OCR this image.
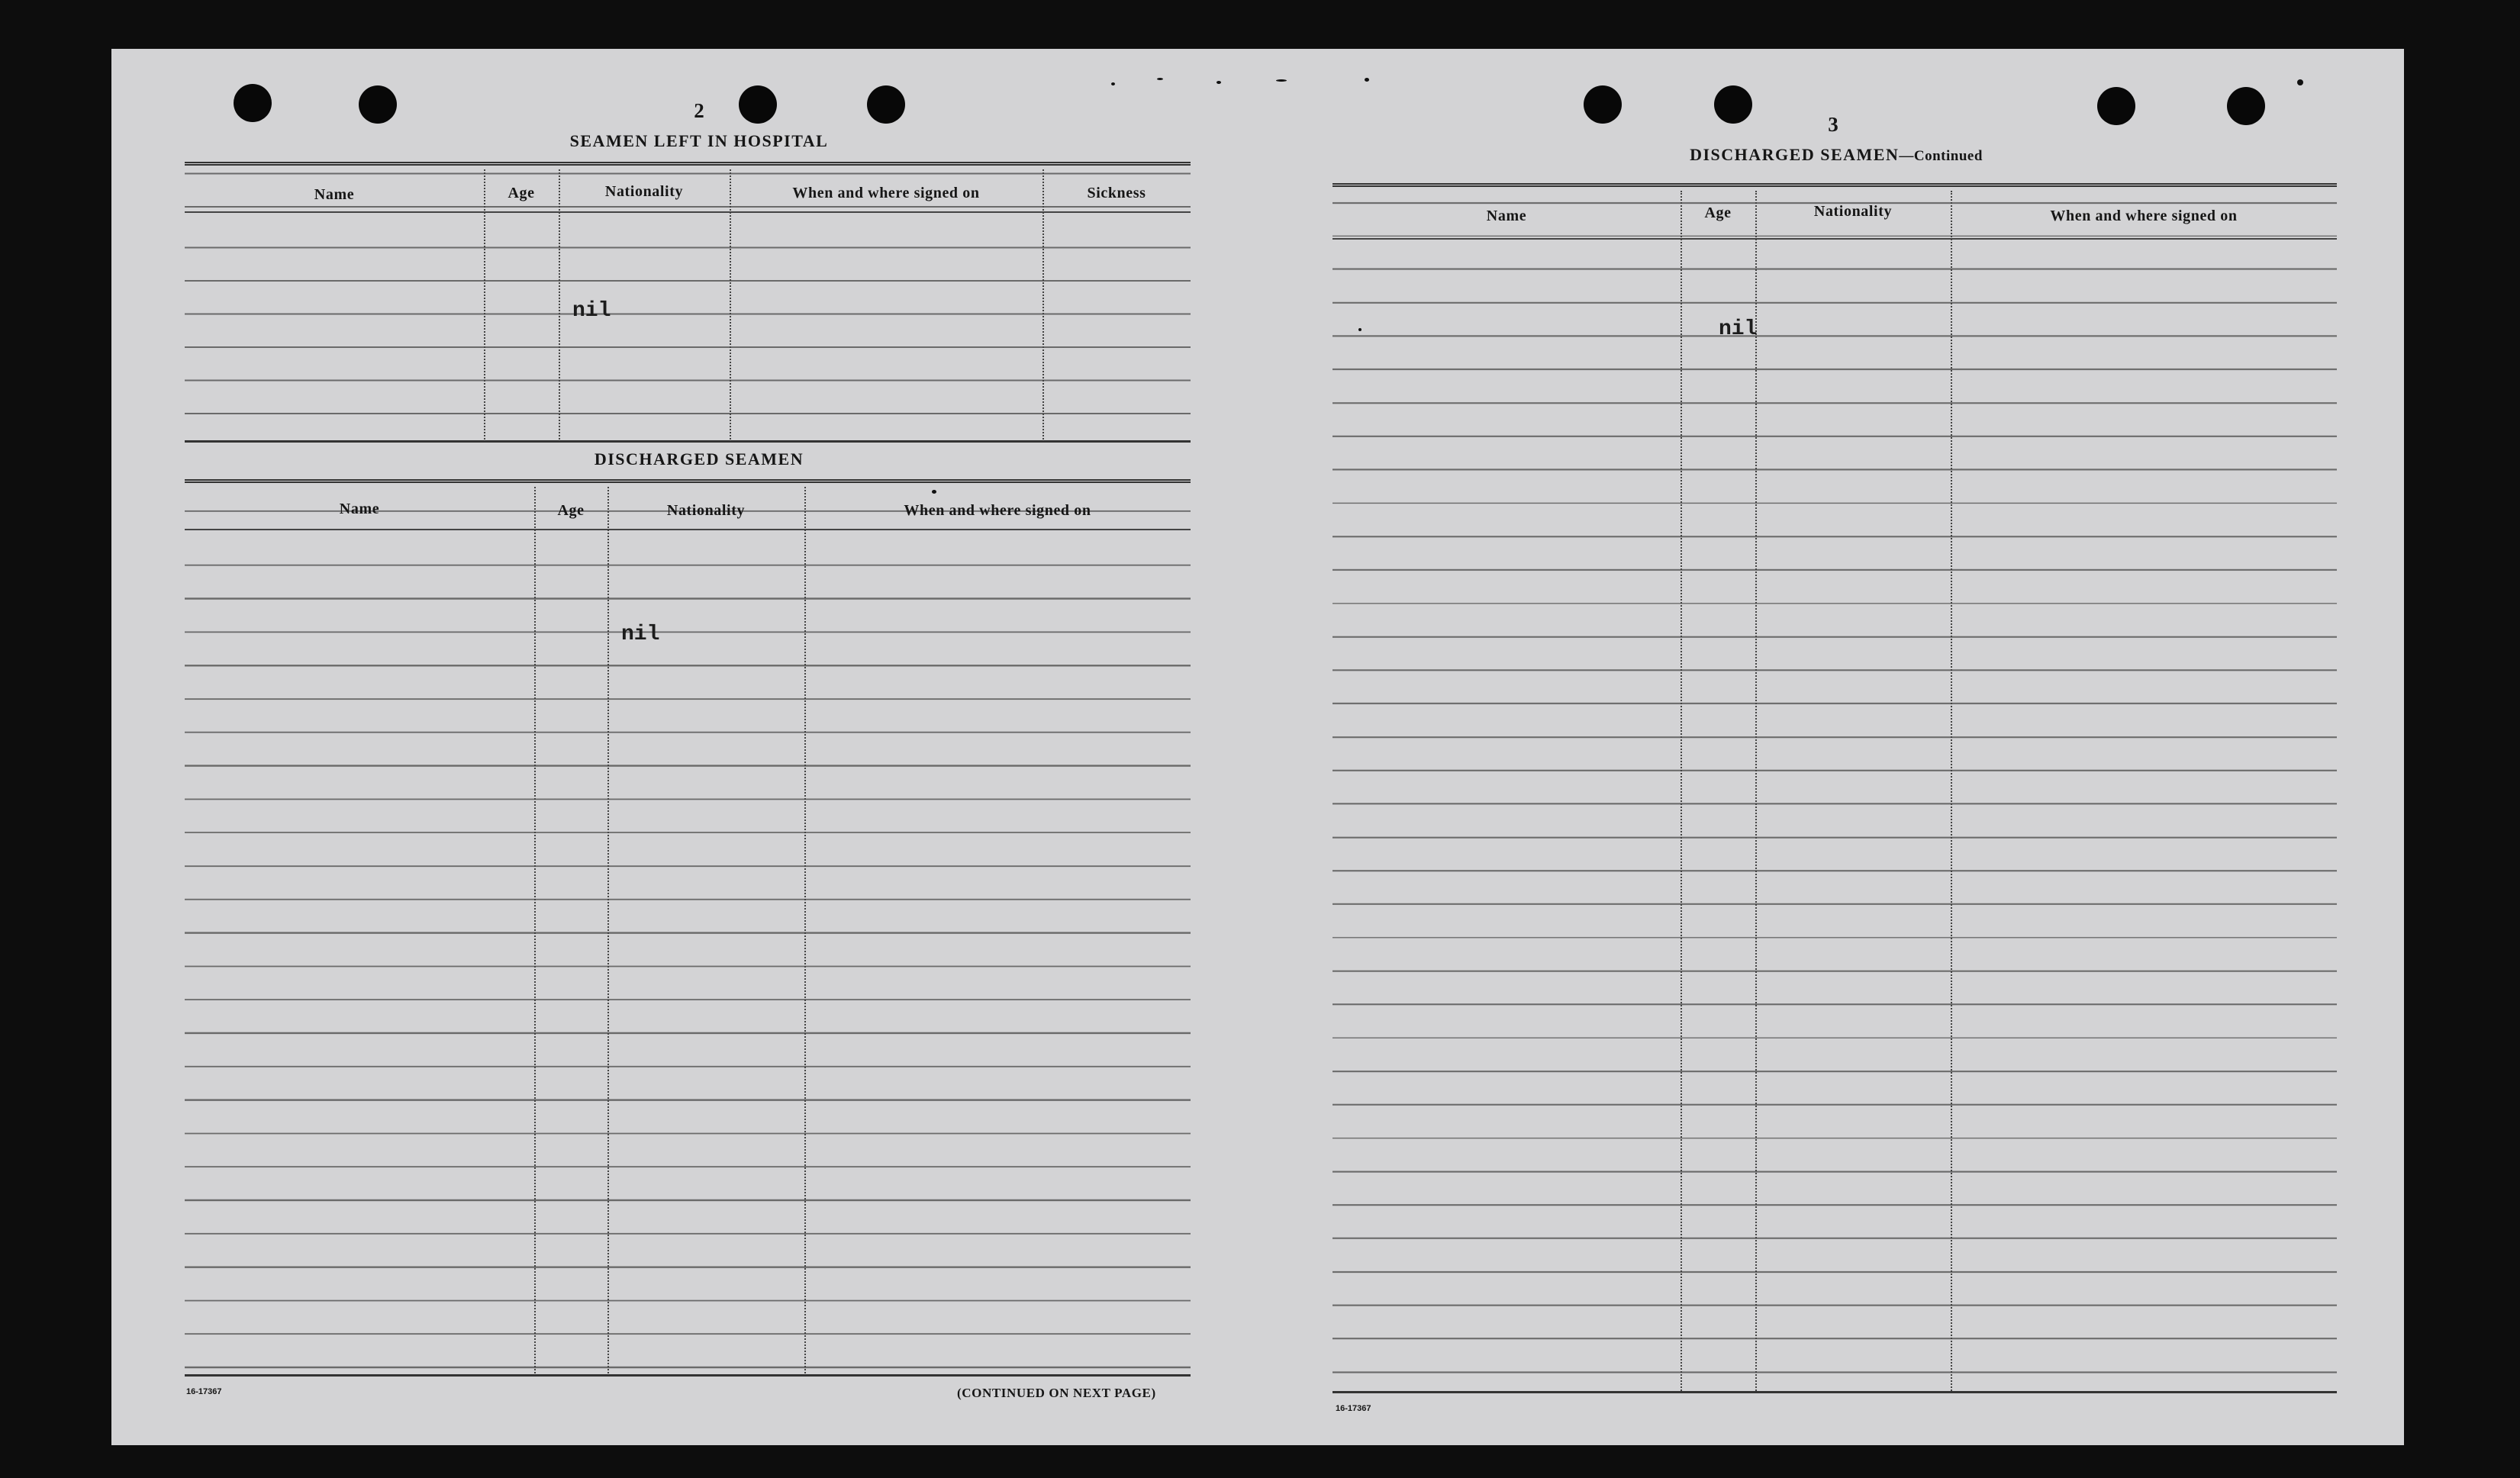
2
SEAMEN LEFT IN HOSPITAL
Name	Age	Nationality	When and where signed on	Sickness
nil
DISCHARGED SEAMEN
Name	Age	Nationality	When and where signed on
nil
16-17367	(CONTINUED ON NEXT PAGE)
3
DISCHARGED SEAMEN—Continued
Name	Age	Nationality	When and where signed on
nil
16-17367
